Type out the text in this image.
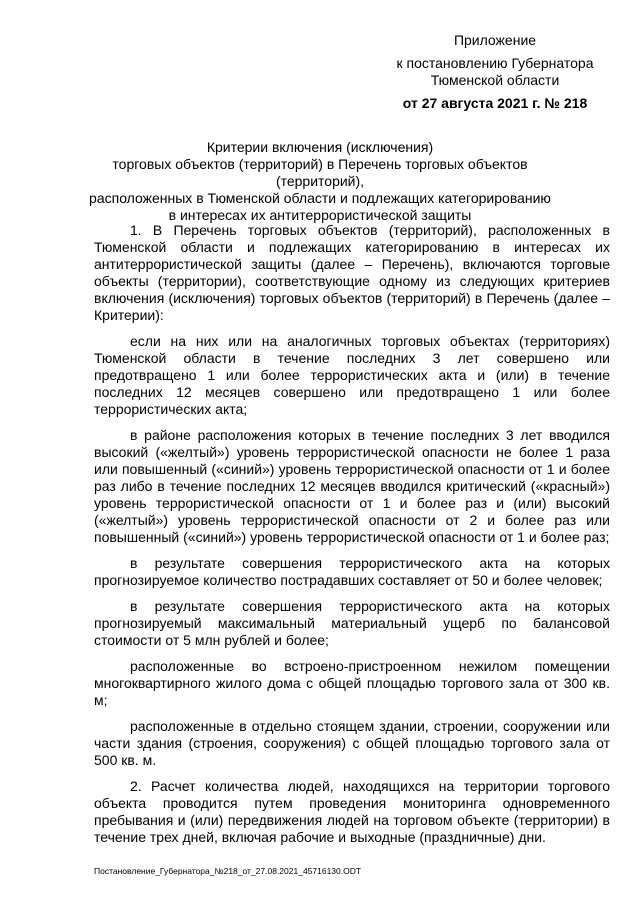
Приложение
к постановлению Губернатора
Тюменской области
от 27 августа 2021 г. № 218
Критерии включения (исключения)
торговых объектов (территорий) в Перечень торговых объектов (территорий),
расположенных в Тюменской области и подлежащих категорированию
в интересах их антитеррористической защиты

1. В Перечень торговых объектов (территорий), расположенных в Тюменской области и подлежащих категорированию в интересах их антитеррористической защиты (далее – Перечень), включаются торговые объекты (территории), соответствующие одному из следующих критериев включения (исключения) торговых объектов (территорий) в Перечень (далее – Критерии):

если на них или на аналогичных торговых объектах (территориях) Тюменской области в течение последних 3 лет совершено или предотвращено 1 или более террористических акта и (или) в течение последних 12 месяцев совершено или предотвращено 1 или более террористических акта;

в районе расположения которых в течение последних 3 лет вводился высокий («желтый») уровень террористической опасности не более 1 раза или повышенный («синий») уровень террористической опасности от 1 и более раз либо в течение последних 12 месяцев вводился критический («красный») уровень террористической опасности от 1 и более раз и (или) высокий («желтый») уровень террористической опасности от 2 и более раз или повышенный («синий») уровень террористической опасности от 1 и более раз;

в результате совершения террористического акта на которых прогнозируемое количество пострадавших составляет от 50 и более человек;

в результате совершения террористического акта на которых прогнозируемый максимальный материальный ущерб по балансовой стоимости от 5 млн рублей и более;

расположенные во встроено-пристроенном нежилом помещении многоквартирного жилого дома с общей площадью торгового зала от 300 кв. м;

расположенные в отдельно стоящем здании, строении, сооружении или части здания (строения, сооружения) с общей площадью торгового зала от 500 кв. м.

2. Расчет количества людей, находящихся на территории торгового объекта проводится путем проведения мониторинга одновременного пребывания и (или) передвижения людей на торговом объекте (территории) в течение трех дней, включая рабочие и выходные (праздничные) дни.

Постановление_Губернатора_№218_от_27.08.2021_45716130.ODT
